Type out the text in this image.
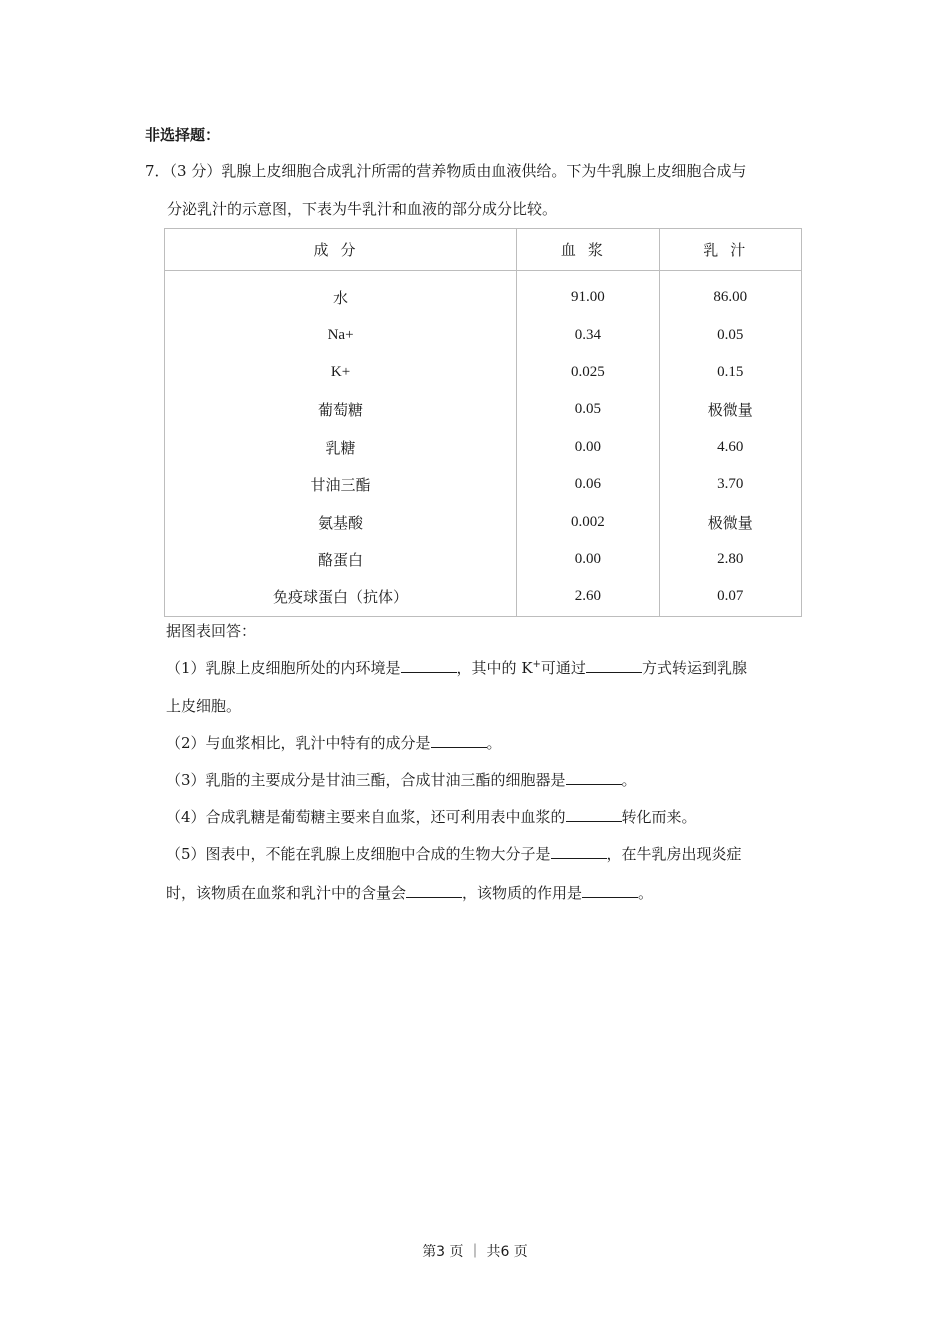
非选择题：
7．（3 分）乳腺上皮细胞合成乳汁所需的营养物质由血液供给。下为牛乳腺上皮细胞合成与
分泌乳汁的示意图，下表为牛乳汁和血液的部分成分比较。
成分	血浆	乳汁
水	91.00	86.00
Na+	0.34	0.05
K+	0.025	0.15
葡萄糖	0.05	极微量
乳糖	0.00	4.60
甘油三酯	0.06	3.70
氨基酸	0.002	极微量
酪蛋白	0.00	2.80
免疫球蛋白（抗体）	2.60	0.07
据图表回答：
（1）乳腺上皮细胞所处的内环境是	，其中的 K+可通过	方式转运到乳腺
上皮细胞。
（2）与血浆相比，乳汁中特有的成分是	。
（3）乳脂的主要成分是甘油三酯，合成甘油三酯的细胞器是	。
（4）合成乳糖是葡萄糖主要来自血浆，还可利用表中血浆的	转化而来。
（5）图表中，不能在乳腺上皮细胞中合成的生物大分子是	，在牛乳房出现炎症
时，该物质在血浆和乳汁中的含量会	，该物质的作用是	。
第3 页 ｜ 共6 页
